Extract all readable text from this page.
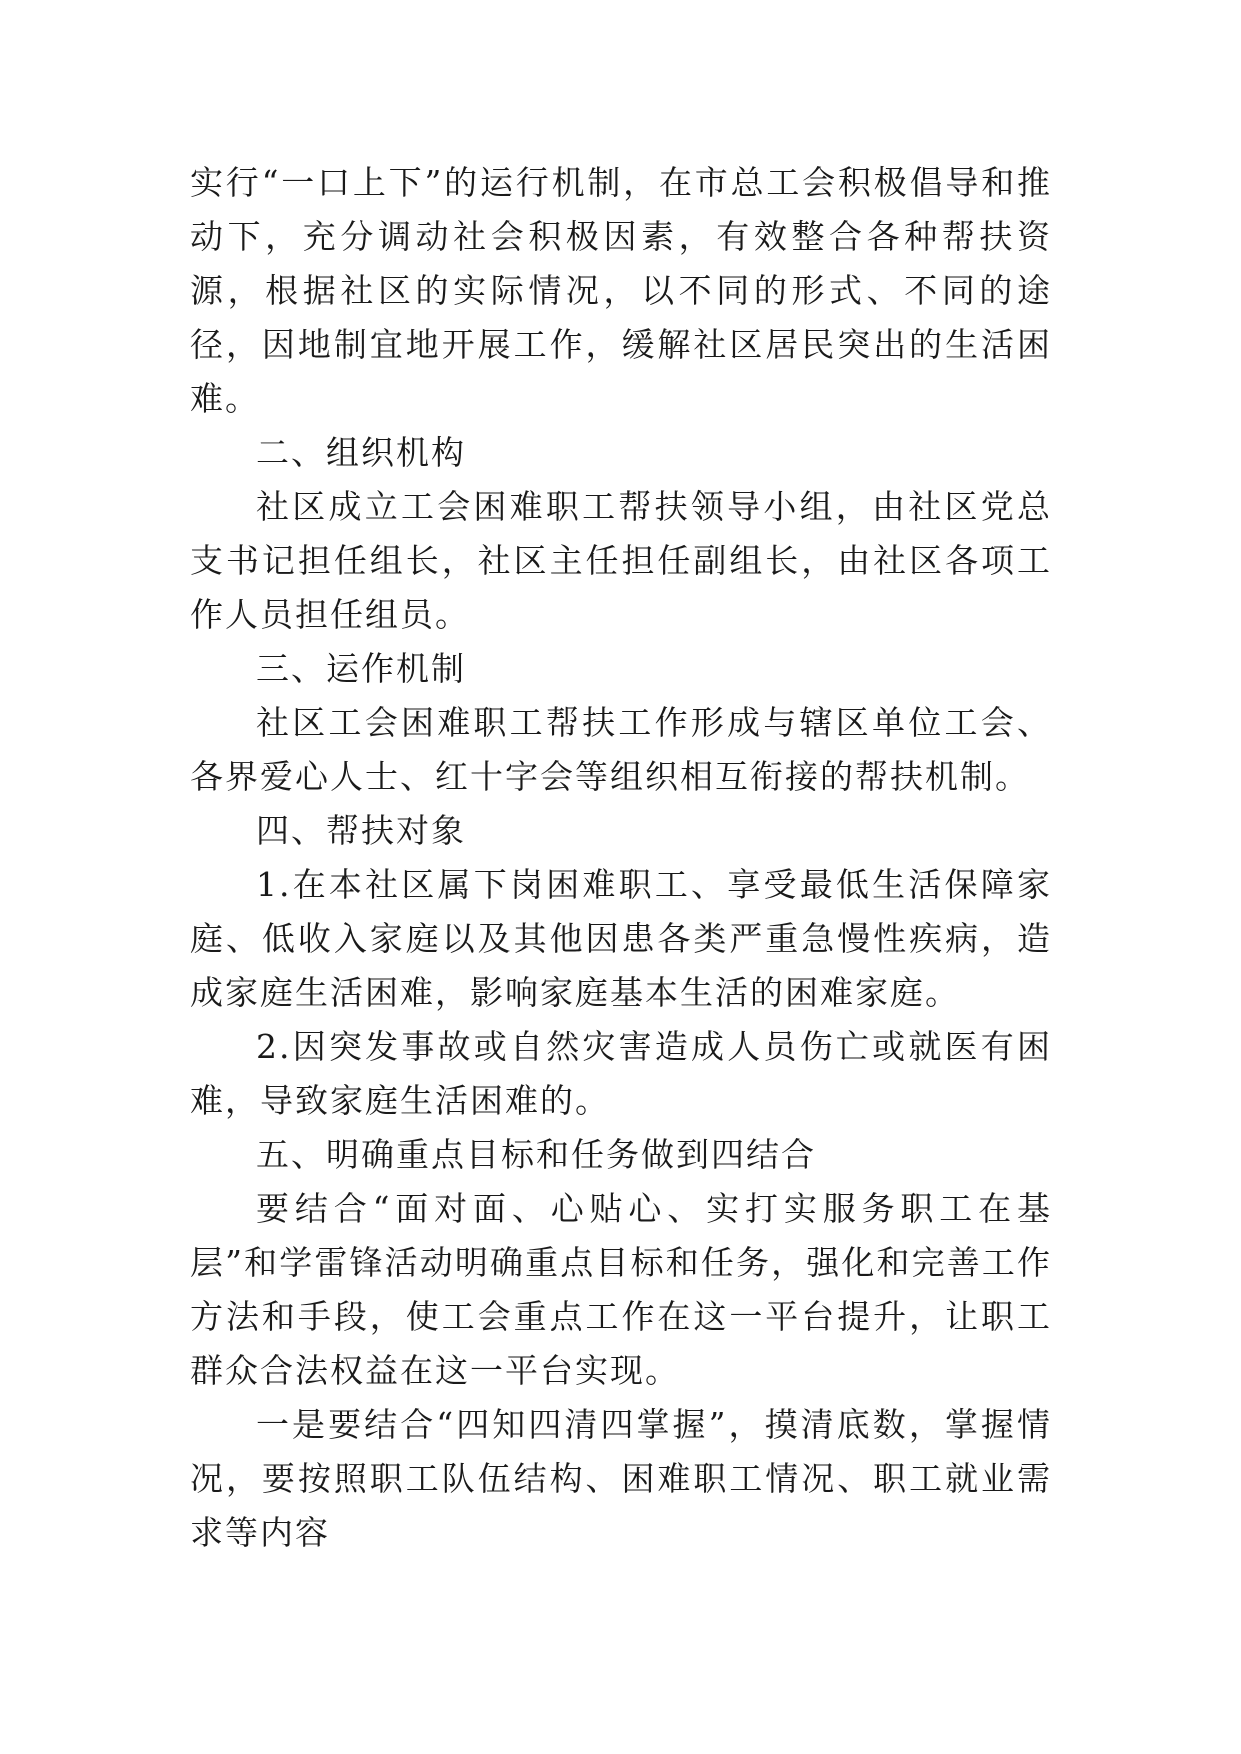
实行“一口上下”的运行机制，在市总工会积极倡导和推动下，充分调动社会积极因素，有效整合各种帮扶资源，根据社区的实际情况，以不同的形式、不同的途径，因地制宜地开展工作，缓解社区居民突出的生活困难。

二、组织机构

社区成立工会困难职工帮扶领导小组，由社区党总支书记担任组长，社区主任担任副组长，由社区各项工作人员担任组员。

三、运作机制

社区工会困难职工帮扶工作形成与辖区单位工会、各界爱心人士、红十字会等组织相互衔接的帮扶机制。

四、帮扶对象

1.在本社区属下岗困难职工、享受最低生活保障家庭、低收入家庭以及其他因患各类严重急慢性疾病，造成家庭生活困难，影响家庭基本生活的困难家庭。

2.因突发事故或自然灾害造成人员伤亡或就医有困难，导致家庭生活困难的。

五、明确重点目标和任务做到四结合

要结合“面对面、心贴心、实打实服务职工在基层”和学雷锋活动明确重点目标和任务，强化和完善工作方法和手段，使工会重点工作在这一平台提升，让职工群众合法权益在这一平台实现。

一是要结合“四知四清四掌握”，摸清底数，掌握情况，要按照职工队伍结构、困难职工情况、职工就业需求等内容
